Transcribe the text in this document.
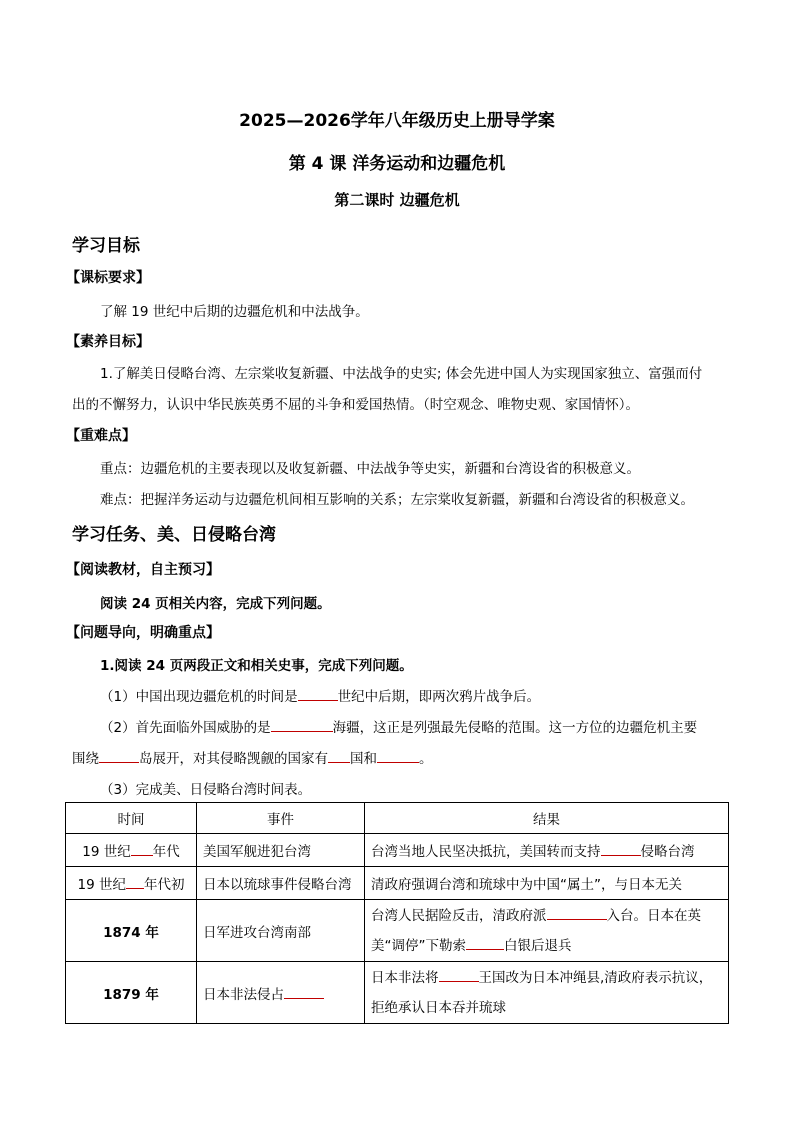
2025—2026学年八年级历史上册导学案
第 4 课 洋务运动和边疆危机
第二课时 边疆危机
学习目标
【课标要求】
了解 19 世纪中后期的边疆危机和中法战争。
【素养目标】
1.了解美日侵略台湾、左宗棠收复新疆、中法战争的史实; 体会先进中国人为实现国家独立、富强而付
出的不懈努力，认识中华民族英勇不屈的斗争和爱国热情。（时空观念、唯物史观、家国情怀）。
【重难点】
重点：边疆危机的主要表现以及收复新疆、中法战争等史实，新疆和台湾设省的积极意义。
难点：把握洋务运动与边疆危机间相互影响的关系；左宗棠收复新疆，新疆和台湾设省的积极意义。
学习任务、美、日侵略台湾
【阅读教材，自主预习】
阅读 24 页相关内容，完成下列问题。
【问题导向，明确重点】
1.阅读 24 页两段正文和相关史事，完成下列问题。
（1）中国出现边疆危机的时间是	世纪中后期，即两次鸦片战争后。
（2）首先面临外国威胁的是	海疆，这正是列强最先侵略的范围。这一方位的边疆危机主要
围绕	岛展开，对其侵略觊觎的国家有 国和	。
（3）完成美、日侵略台湾时间表。
时间	事件	结果
19 世纪 年代	美国军舰进犯台湾	台湾当地人民坚决抵抗，美国转而支持 侵略台湾
19 世纪 年代初	日本以琉球事件侵略台湾	清政府强调台湾和琉球中为中国“属土”，与日本无关
1874 年	日军进攻台湾南部	台湾人民据险反击，清政府派 入台。日本在英
美“调停”下勒索 白银后退兵

1879 年	日本非法侵占	日本非法将 王国改为日本冲绳县,清政府表示抗议，
拒绝承认日本吞并琉球
